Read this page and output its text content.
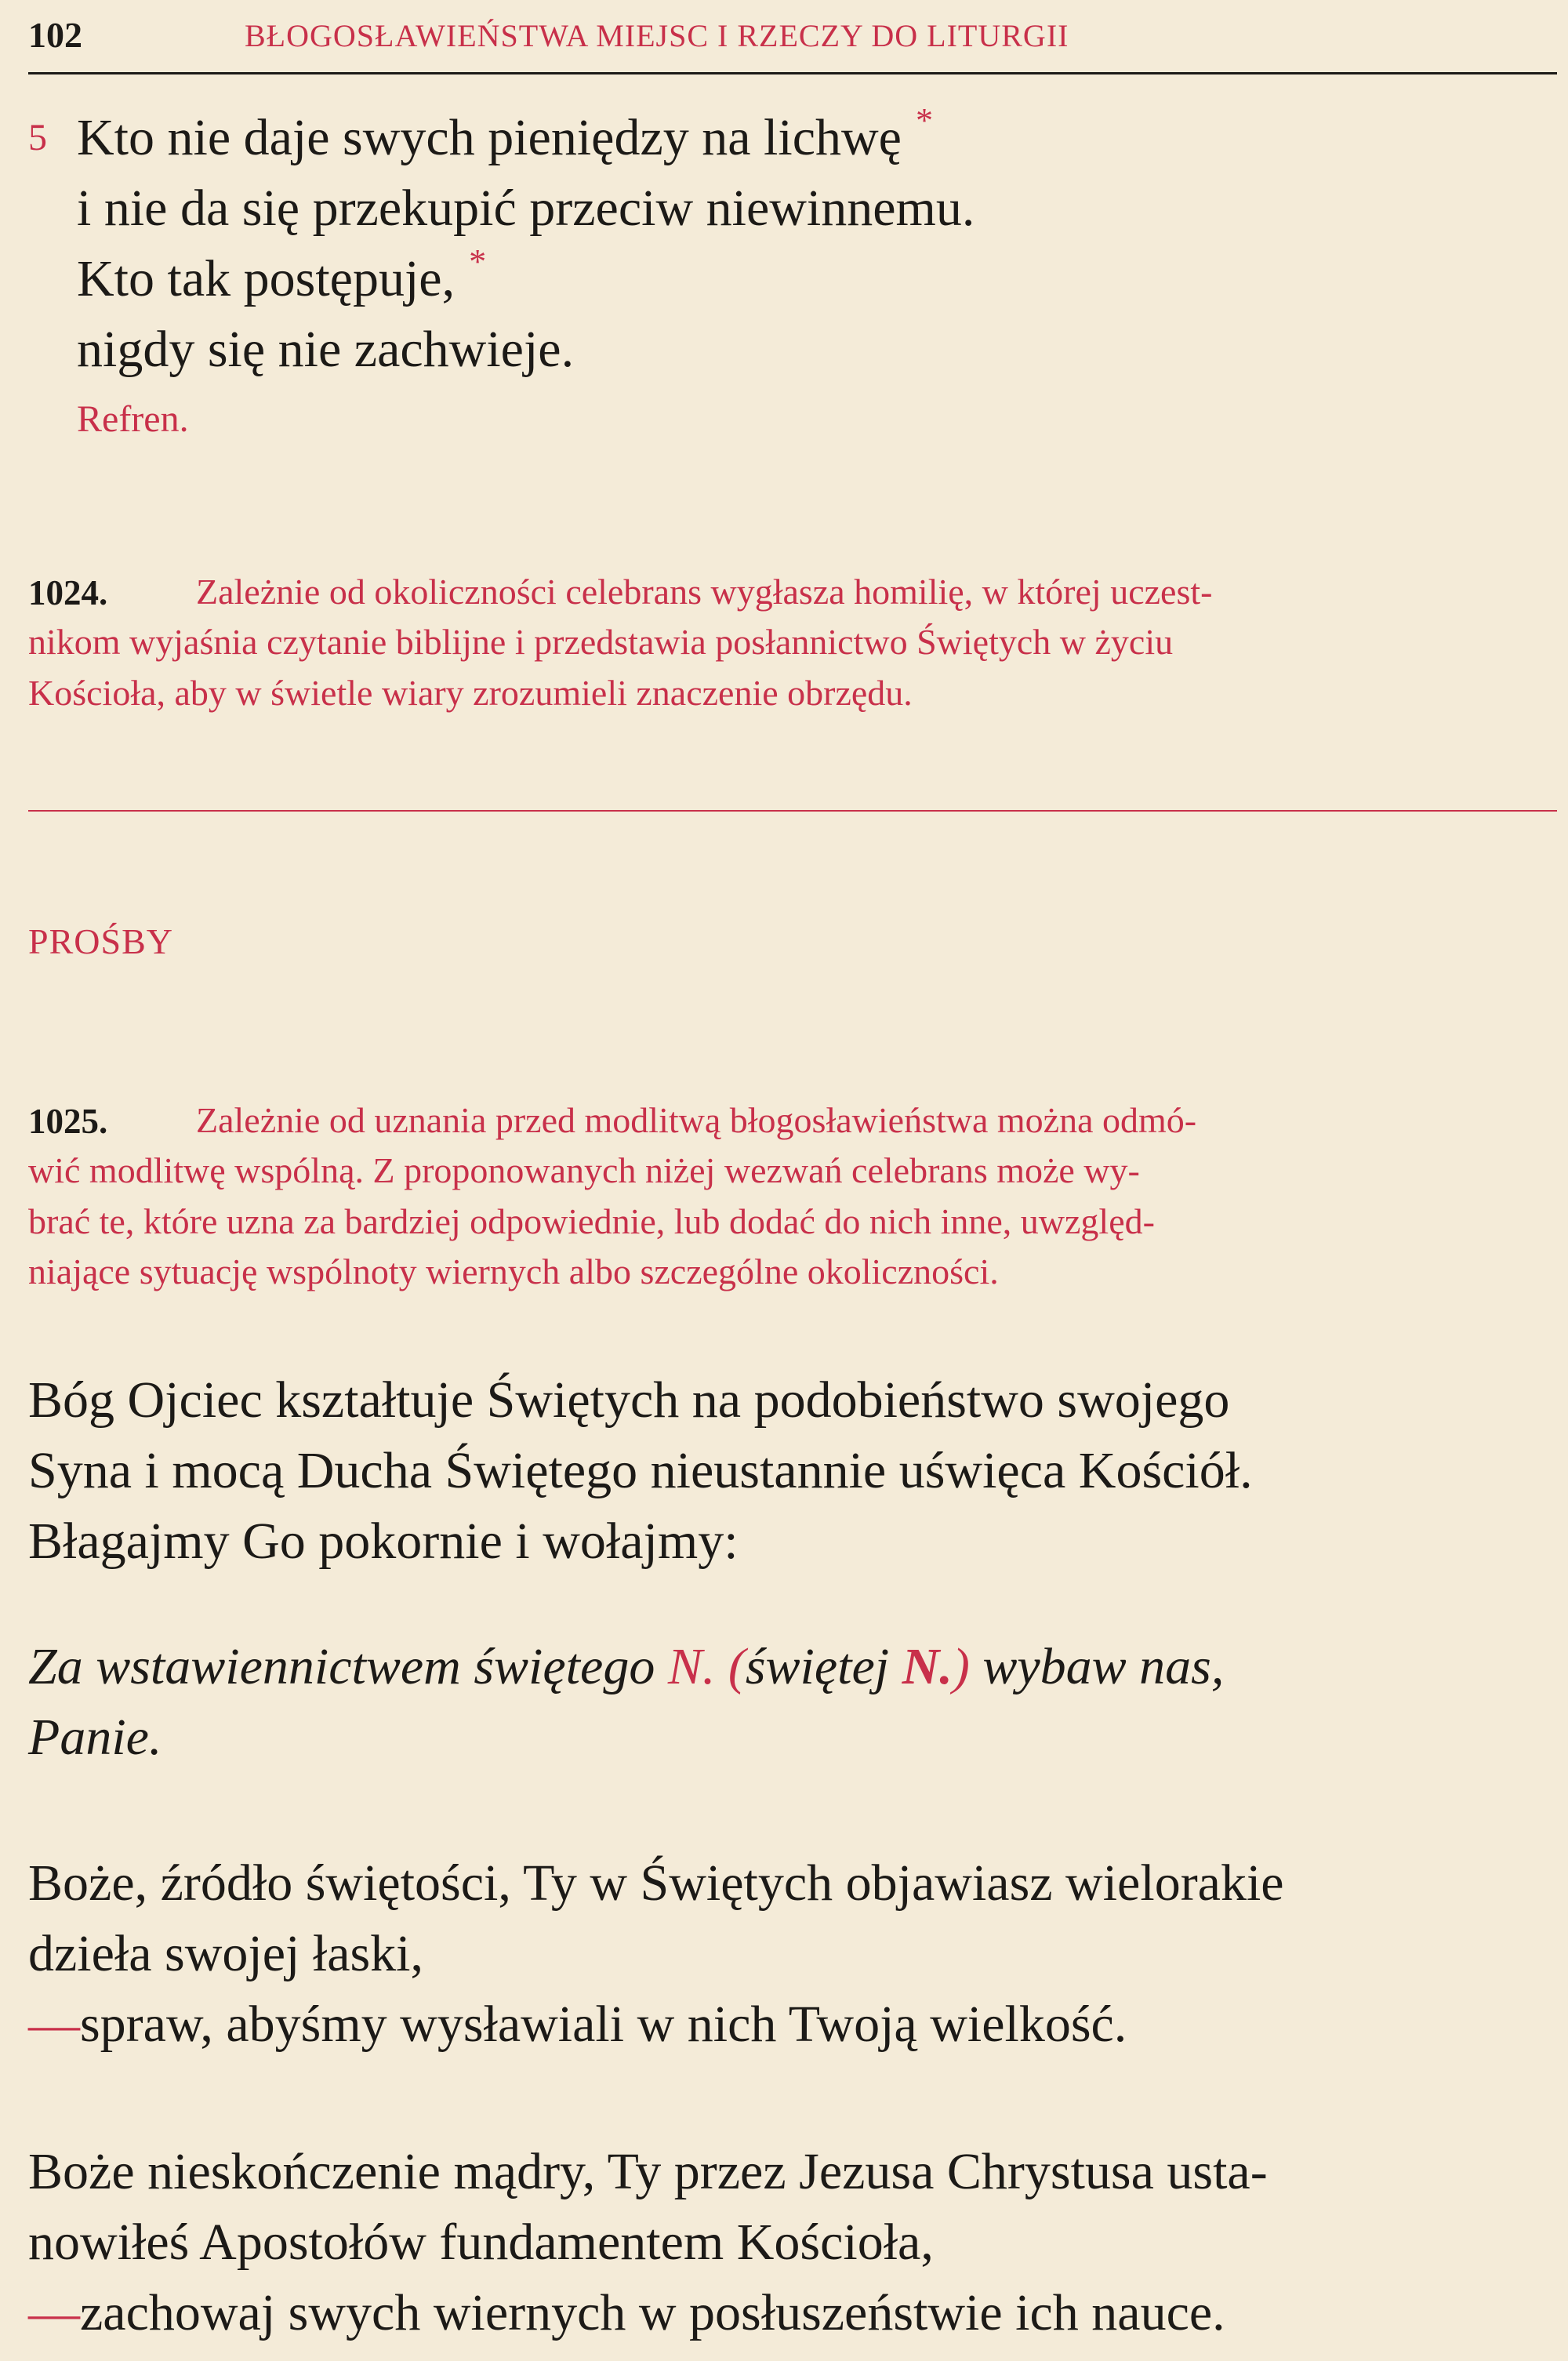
102	BŁOGOSŁAWIEŃSTWA MIEJSC I RZECZY DO LITURGII
5 Kto nie daje swych pieniędzy na lichwę *
i nie da się przekupić przeciw niewinnemu.
Kto tak postępuje, *
nigdy się nie zachwieje.
Refren.
1024. Zależnie od okoliczności celebrans wygłasza homilię, w której uczest-
nikom wyjaśnia czytanie biblijne i przedstawia posłannictwo Świętych w życiu
Kościoła, aby w świetle wiary zrozumieli znaczenie obrzędu.
PROŚBY
1025. Zależnie od uznania przed modlitwą błogosławieństwa można odmó-
wić modlitwę wspólną. Z proponowanych niżej wezwań celebrans może wy-
brać te, które uzna za bardziej odpowiednie, lub dodać do nich inne, uwzględ-
niające sytuację wspólnoty wiernych albo szczególne okoliczności.
Bóg Ojciec kształtuje Świętych na podobieństwo swojego
Syna i mocą Ducha Świętego nieustannie uświęca Kościół.
Błagajmy Go pokornie i wołajmy:
Za wstawiennictwem świętego N. (świętej N.) wybaw nas,
Panie.
Boże, źródło świętości, Ty w Świętych objawiasz wielorakie
dzieła swojej łaski,
—spraw, abyśmy wysławiali w nich Twoją wielkość.
Boże nieskończenie mądry, Ty przez Jezusa Chrystusa usta-
nowiłeś Apostołów fundamentem Kościoła,
—zachowaj swych wiernych w posłuszeństwie ich nauce.
